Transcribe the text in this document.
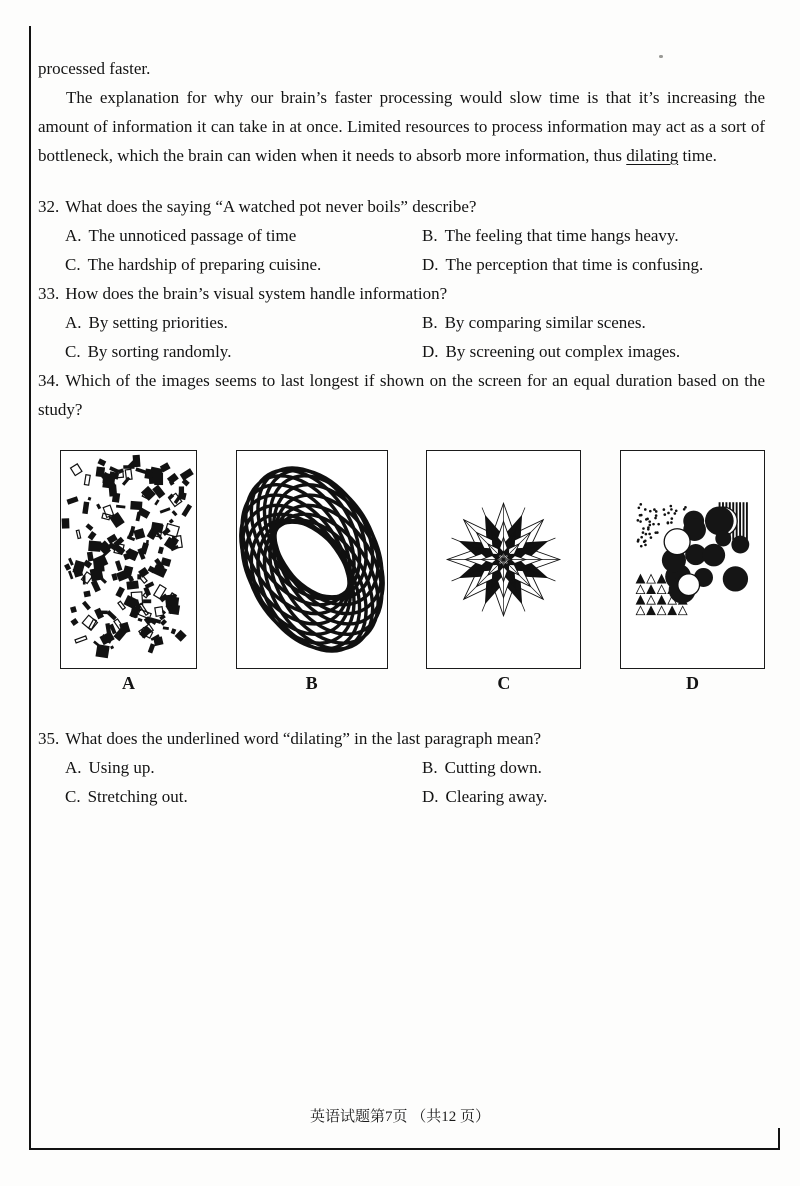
processed faster.

The explanation for why our brain’s faster processing would slow time is that it’s increasing the amount of information it can take in at once. Limited resources to process information may act as a sort of bottleneck, which the brain can widen when it needs to absorb more information, thus dilating time.

32. What does the saying “A watched pot never boils” describe?

A. The unnoticed passage of time	B. The feeling that time hangs heavy.

C. The hardship of preparing cuisine.	D. The perception that time is confusing.

33. How does the brain’s visual system handle information?

A. By setting priorities.	B. By comparing similar scenes.

C. By sorting randomly.	D. By screening out complex images.

34. Which of the images seems to last longest if shown on the screen for an equal duration based on the study?

A	B	C	D

35. What does the underlined word “dilating” in the last paragraph mean?

A. Using up.	B. Cutting down.

C. Stretching out.	D. Clearing away.

英语试题第7页 （共12 页）
